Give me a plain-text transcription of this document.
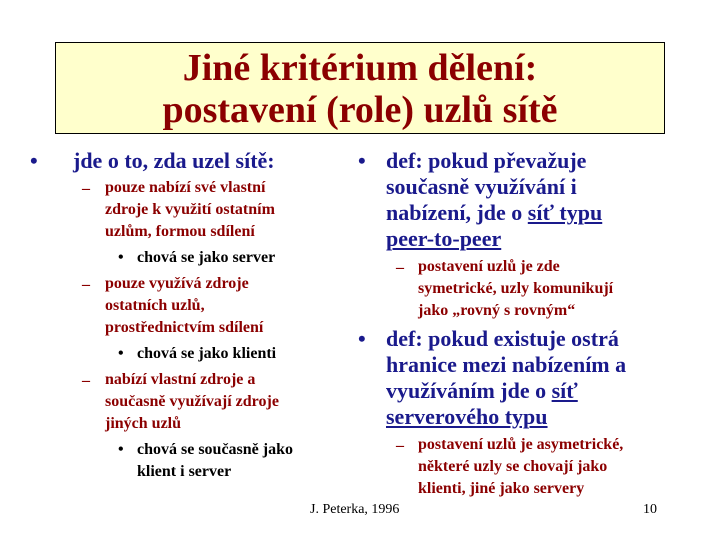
Jiné kritérium dělení:
postavení (role) uzlů sítě
• jde o to, zda uzel sítě:
– pouze nabízí své vlastní
zdroje k využití ostatním
uzlům, formou sdílení
• chová se jako server
– pouze využívá zdroje
ostatních uzlů,
prostřednictvím sdílení
• chová se jako klienti
– nabízí vlastní zdroje a
současně využívají zdroje
jiných uzlů
• chová se současně jako
klient i server
• def: pokud převažuje
současně využívání i
nabízení, jde o síť typu
peer-to-peer
– postavení uzlů je zde
symetrické, uzly komunikují
jako „rovný s rovným“
• def: pokud existuje ostrá
hranice mezi nabízením a
využíváním jde o síť
serverového typu
– postavení uzlů je asymetrické,
některé uzly se chovají jako
klienti, jiné jako servery
J. Peterka, 1996	10
